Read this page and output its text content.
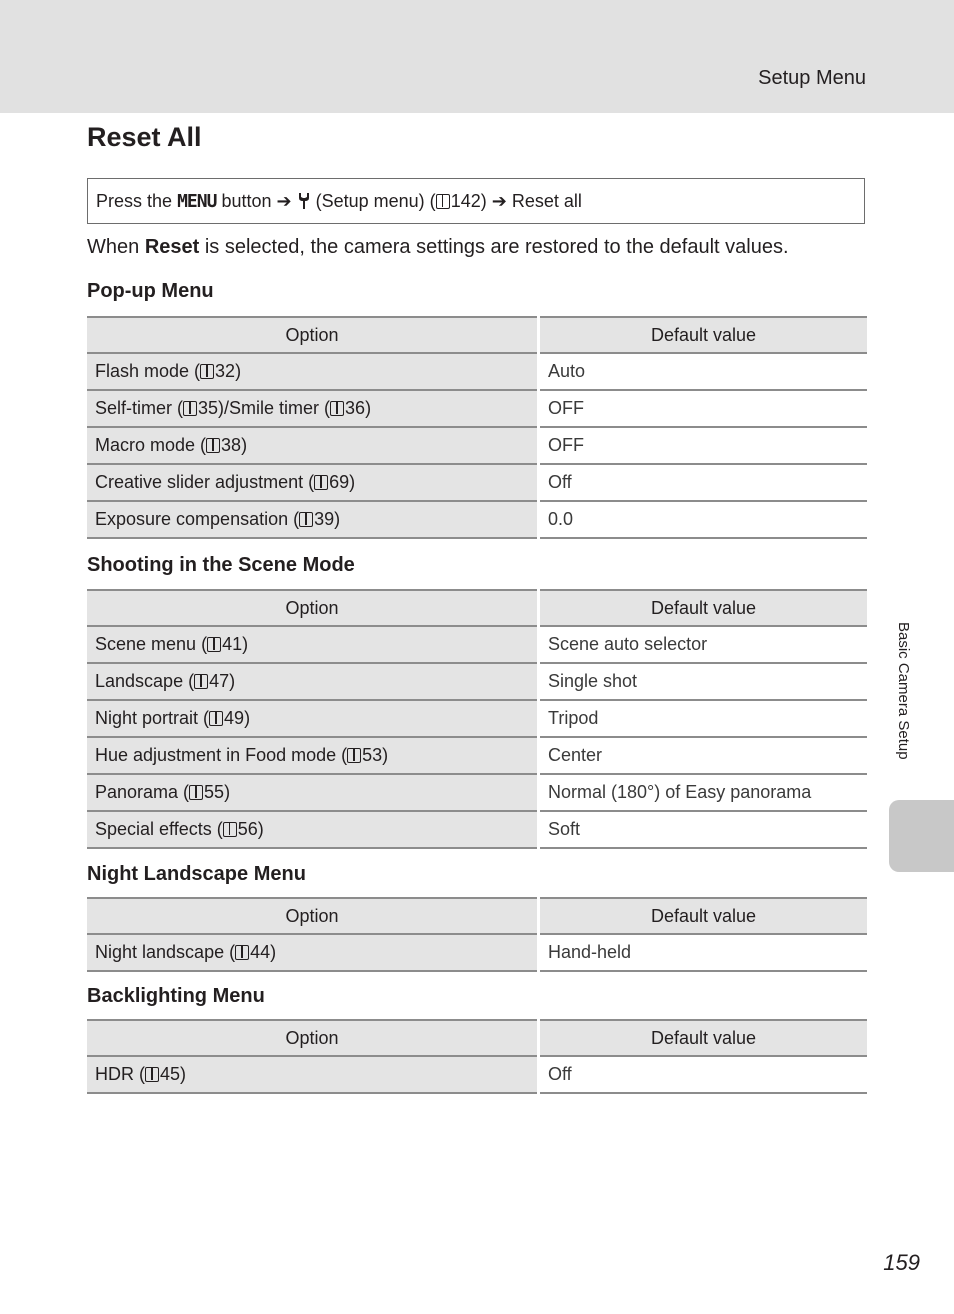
Setup Menu
Reset All
Press the
MENU
button
➔

(Setup menu) ( 142)
➔
Reset all
When Reset is selected, the camera settings are restored to the default values.
Pop-up Menu
Option	Default value
Flash mode ( 32)	Auto
Self-timer ( 35)/Smile timer ( 36)	OFF
Macro mode ( 38)	OFF
Creative slider adjustment ( 69)	Off
Exposure compensation ( 39)	0.0
Shooting in the Scene Mode
Option	Default value
Scene menu ( 41)	Scene auto selector
Landscape ( 47)	Single shot
Night portrait ( 49)	Tripod
Hue adjustment in Food mode ( 53)	Center
Panorama ( 55)	Normal (180°) of Easy panorama
Special effects ( 56)	Soft
Night Landscape Menu
Option	Default value
Night landscape ( 44)	Hand-held
Backlighting Menu
Option	Default value
HDR ( 45)	Off
Basic Camera Setup
159
